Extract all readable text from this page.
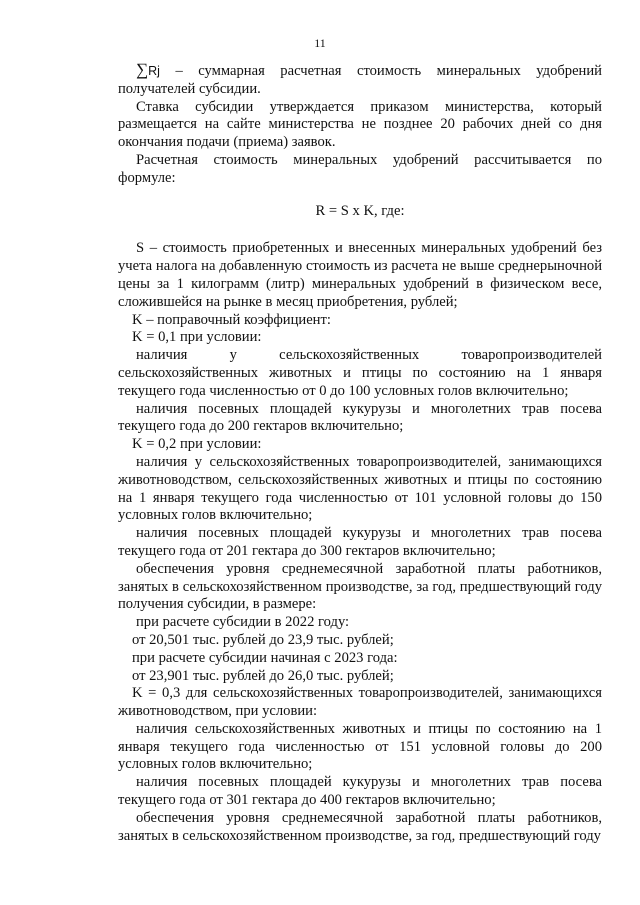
11

∑Rj – суммарная расчетная стоимость минеральных удобрений получателей субсидии.

Ставка субсидии утверждается приказом министерства, который размещается на сайте министерства не позднее 20 рабочих дней со дня окончания подачи (приема) заявок.

Расчетная стоимость минеральных удобрений рассчитывается по формуле:

R = S x K, где:

S – стоимость приобретенных и внесенных минеральных удобрений без учета налога на добавленную стоимость из расчета не выше среднерыночной цены за 1 килограмм (литр) минеральных удобрений в физическом весе, сложившейся на рынке в месяц приобретения, рублей;

K – поправочный коэффициент:

K = 0,1 при условии:

наличия у сельскохозяйственных товаропроизводителей сельскохозяйственных животных и птицы по состоянию на 1 января текущего года численностью от 0 до 100 условных голов включительно;

наличия посевных площадей кукурузы и многолетних трав посева текущего года до 200 гектаров включительно;

K = 0,2 при условии:

наличия у сельскохозяйственных товаропроизводителей, занимающихся животноводством, сельскохозяйственных животных и птицы по состоянию на 1 января текущего года численностью от 101 условной головы до 150 условных голов включительно;

наличия посевных площадей кукурузы и многолетних трав посева текущего года от 201 гектара до 300 гектаров включительно;

обеспечения уровня среднемесячной заработной платы работников, занятых в сельскохозяйственном производстве, за год, предшествующий году получения субсидии, в размере:

при расчете субсидии в 2022 году:

от 20,501 тыс. рублей до 23,9 тыс. рублей;

при расчете субсидии начиная с 2023 года:

от 23,901 тыс. рублей до 26,0 тыс. рублей;

K = 0,3 для сельскохозяйственных товаропроизводителей, занимающихся животноводством, при условии:

наличия сельскохозяйственных животных и птицы по состоянию на 1 января текущего года численностью от 151 условной головы до 200 условных голов включительно;

наличия посевных площадей кукурузы и многолетних трав посева текущего года от 301 гектара до 400 гектаров включительно;

обеспечения уровня среднемесячной заработной платы работников, занятых в сельскохозяйственном производстве, за год, предшествующий году
